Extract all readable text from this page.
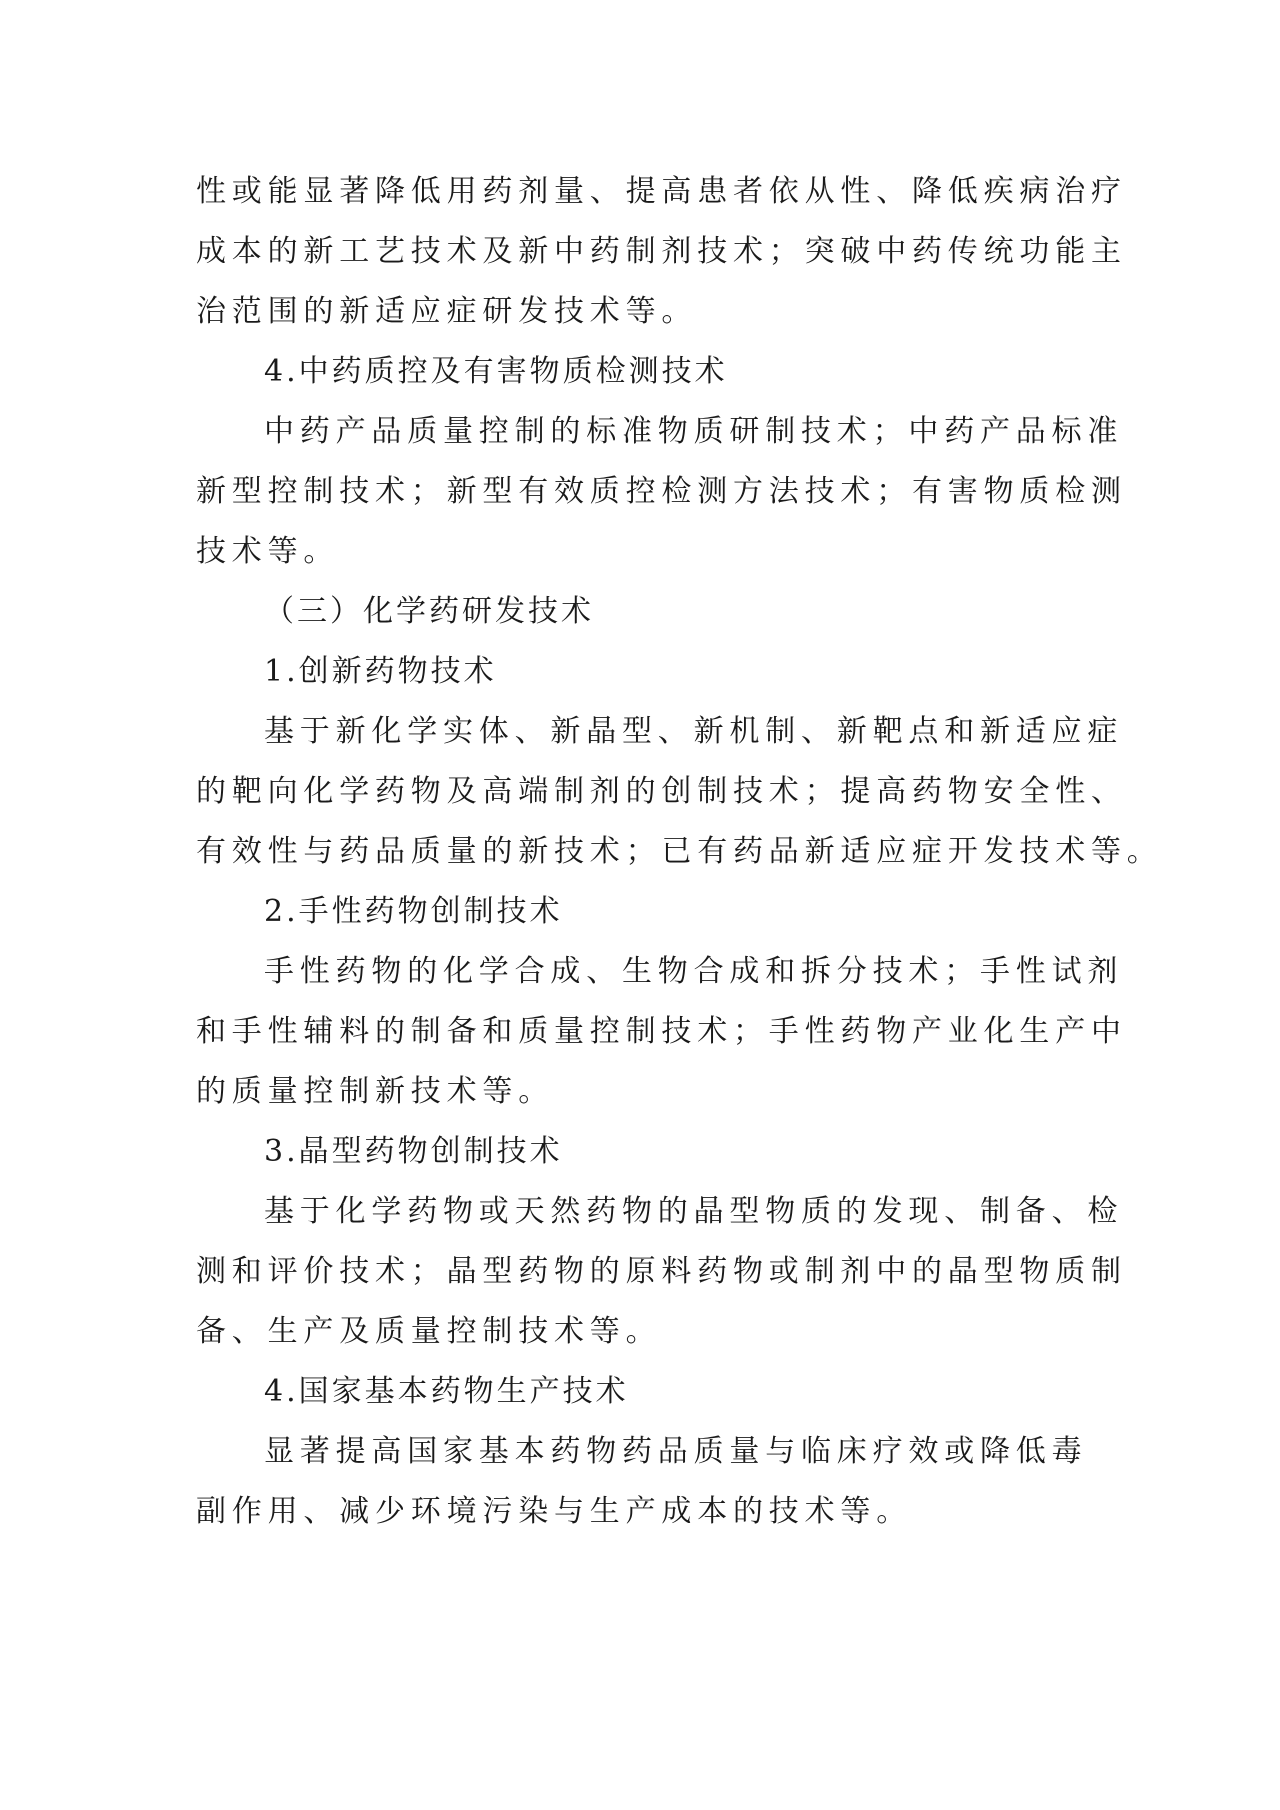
性或能显著降低用药剂量、提高患者依从性、降低疾病治疗
成本的新工艺技术及新中药制剂技术；突破中药传统功能主
治范围的新适应症研发技术等。
4.中药质控及有害物质检测技术
中药产品质量控制的标准物质研制技术；中药产品标准
新型控制技术；新型有效质控检测方法技术；有害物质检测
技术等。
（三）化学药研发技术
1.创新药物技术
基于新化学实体、新晶型、新机制、新靶点和新适应症
的靶向化学药物及高端制剂的创制技术；提高药物安全性、
有效性与药品质量的新技术；已有药品新适应症开发技术等。
2.手性药物创制技术
手性药物的化学合成、生物合成和拆分技术；手性试剂
和手性辅料的制备和质量控制技术；手性药物产业化生产中
的质量控制新技术等。
3.晶型药物创制技术
基于化学药物或天然药物的晶型物质的发现、制备、检
测和评价技术；晶型药物的原料药物或制剂中的晶型物质制
备、生产及质量控制技术等。
4.国家基本药物生产技术
显著提高国家基本药物药品质量与临床疗效或降低毒
副作用、减少环境污染与生产成本的技术等。
